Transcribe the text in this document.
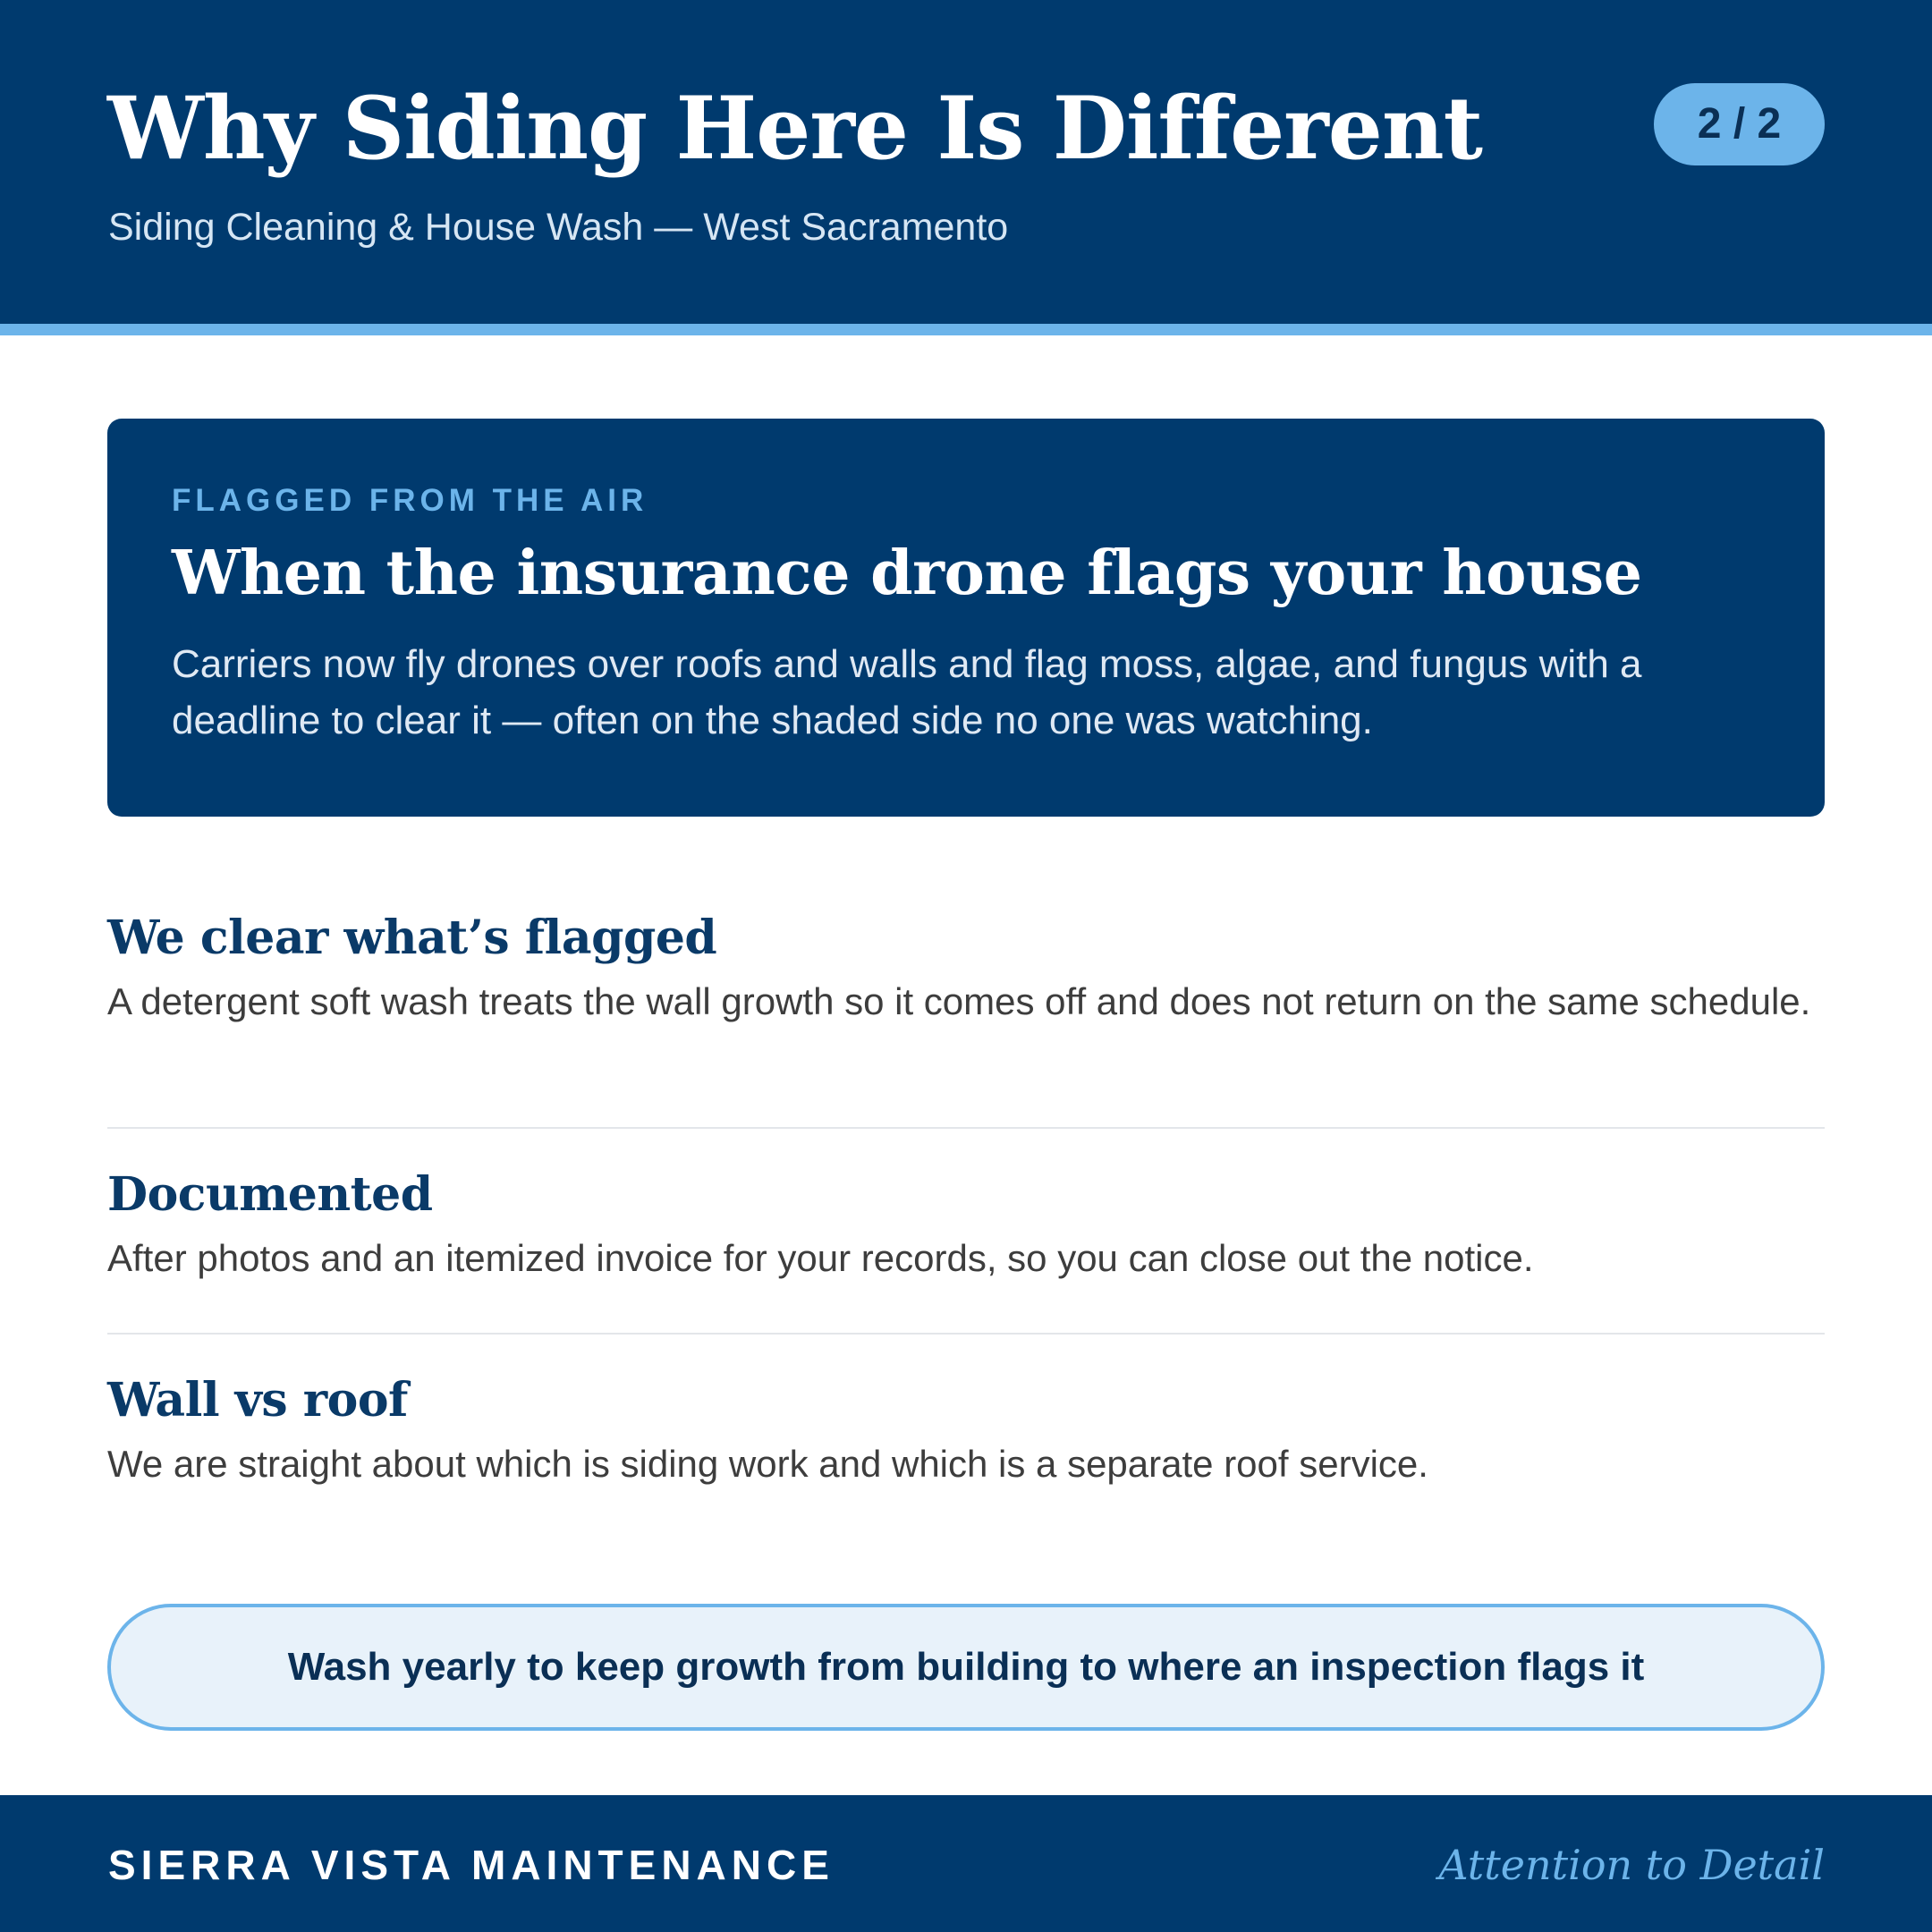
Why Siding Here Is Different
Siding Cleaning & House Wash — West Sacramento
2 / 2
FLAGGED FROM THE AIR
When the insurance drone flags your house

Carriers now fly drones over roofs and walls and flag moss, algae, and fungus with a deadline to clear it — often on the shaded side no one was watching.

We clear what’s flagged

A detergent soft wash treats the wall growth so it comes off and does not return on the same schedule.

Documented

After photos and an itemized invoice for your records, so you can close out the notice.

Wall vs roof

We are straight about which is siding work and which is a separate roof service.

Wash yearly to keep growth from building to where an inspection flags it
SIERRA VISTA MAINTENANCE	Attention to Detail
